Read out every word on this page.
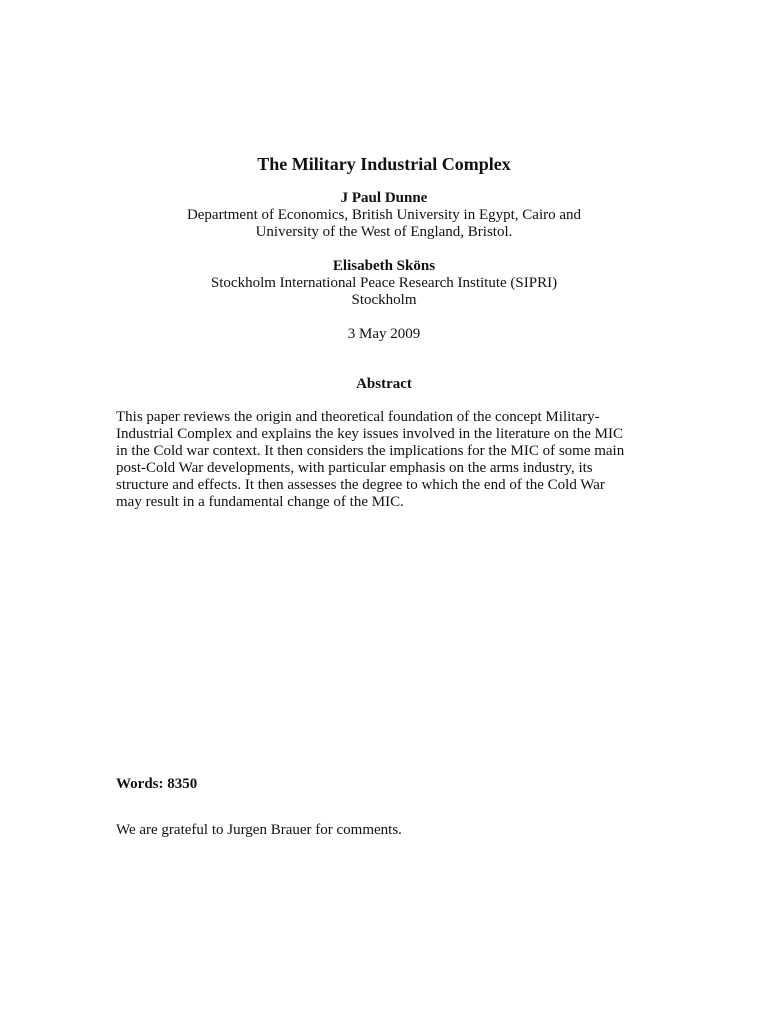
The Military Industrial Complex
J Paul Dunne
Department of Economics, British University in Egypt, Cairo and
University of the West of England, Bristol.
Elisabeth Sköns
Stockholm International Peace Research Institute (SIPRI)
Stockholm
3 May 2009
Abstract
This paper reviews the origin and theoretical foundation of the concept Military-
Industrial Complex and explains the key issues involved in the literature on the MIC
in the Cold war context. It then considers the implications for the MIC of some main
post-Cold War developments, with particular emphasis on the arms industry, its
structure and effects. It then assesses the degree to which the end of the Cold War
may result in a fundamental change of the MIC.
Words: 8350
We are grateful to Jurgen Brauer for comments.
